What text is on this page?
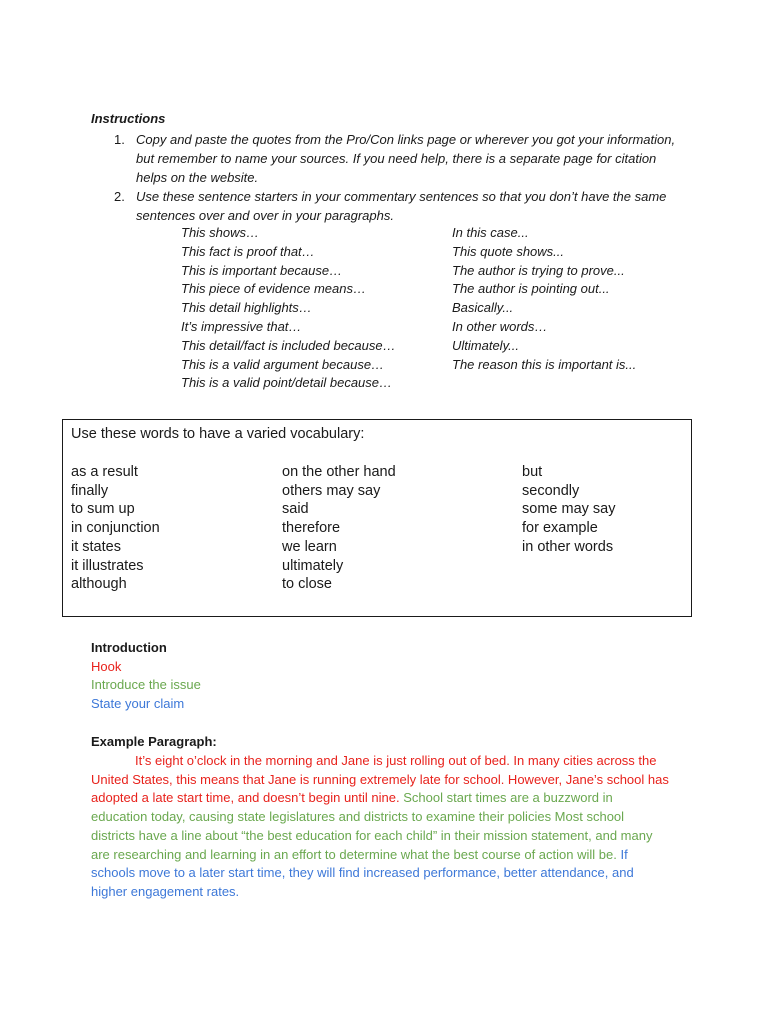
Instructions
1. Copy and paste the quotes from the Pro/Con links page or wherever you got your information, but remember to name your sources. If you need help, there is a separate page for citation helps on the website.
2. Use these sentence starters in your commentary sentences so that you don’t have the same sentences over and over in your paragraphs.
This shows…
This fact is proof that…
This is important because…
This piece of evidence means…
This detail highlights…
It’s impressive that…
This detail/fact is included because…
This is a valid argument because…
This is a valid point/detail because…
In this case...
This quote shows...
The author is trying to prove...
The author is pointing out...
Basically...
In other words…
Ultimately...
The reason this is important is...
Use these words to have a varied vocabulary:
as a result
finally
to sum up
in conjunction
it states
it illustrates
although
on the other hand
others may say
said
therefore
we learn
ultimately
to close
but
secondly
some may say
for example
in other words
Introduction
Hook
Introduce the issue
State your claim
Example Paragraph:

It’s eight o’clock in the morning and Jane is just rolling out of bed. In many cities across the United States, this means that Jane is running extremely late for school. However, Jane’s school has adopted a late start time, and doesn’t begin until nine. School start times are a buzzword in education today, causing state legislatures and districts to examine their policies Most school districts have a line about “the best education for each child” in their mission statement, and many are researching and learning in an effort to determine what the best course of action will be. If schools move to a later start time, they will find increased performance, better attendance, and higher engagement rates.
